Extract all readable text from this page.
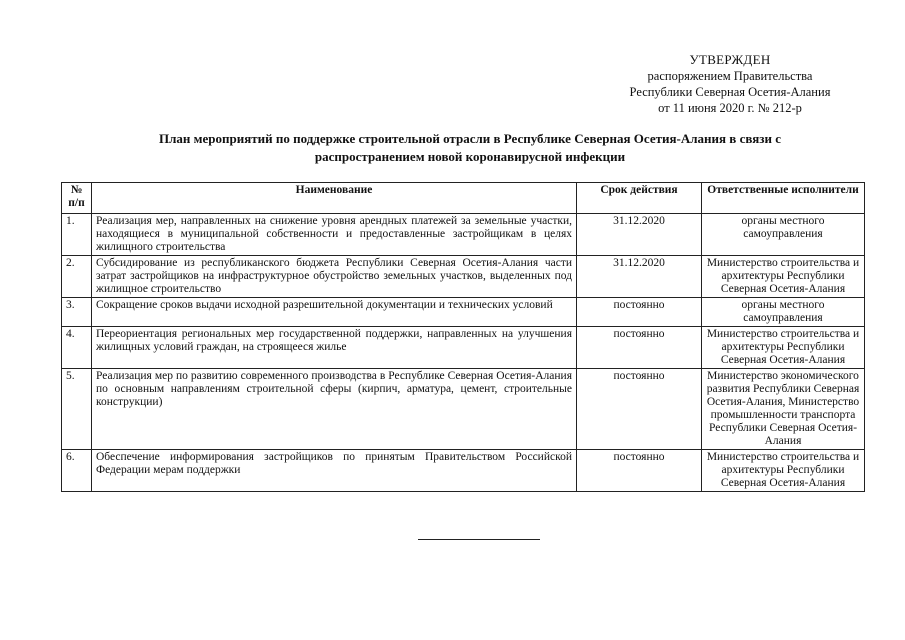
УТВЕРЖДЕН
распоряжением Правительства
Республики Северная Осетия-Алания
от 11 июня 2020 г. № 212-р
План мероприятий по поддержке строительной отрасли в Республике Северная Осетия-Алания в связи с
распространением новой коронавирусной инфекции
№
п/п	Наименование	Срок действия	Ответственные исполнители
1.	Реализация мер, направленных на снижение уровня арендных платежей за земельные участки, находящиеся в муниципальной собственности и предоставленные застройщикам в целях жилищного строительства	31.12.2020	органы местного самоуправления
2.	Субсидирование из республиканского бюджета Республики Северная Осетия-Алания части затрат застройщиков на инфраструктурное обустройство земельных участков, выделенных под жилищное строительство	31.12.2020	Министерство строительства и архитектуры Республики Северная Осетия-Алания
3.	Сокращение сроков выдачи исходной разрешительной документации и технических условий	постоянно	органы местного самоуправления
4.	Переориентация региональных мер государственной поддержки, направленных на улучшения жилищных условий граждан, на строящееся жилье	постоянно	Министерство строительства и архитектуры Республики Северная Осетия-Алания
5.	Реализация мер по развитию современного производства в Республике Северная Осетия-Алания по основным направлениям строительной сферы (кирпич, арматура, цемент, строительные конструкции)	постоянно	Министерство экономического развития Республики Северная Осетия-Алания, Министерство промышленности транспорта Республики Северная Осетия-Алания
6.	Обеспечение информирования застройщиков по принятым Правительством Российской Федерации мерам поддержки	постоянно	Министерство строительства и архитектуры Республики Северная Осетия-Алания
